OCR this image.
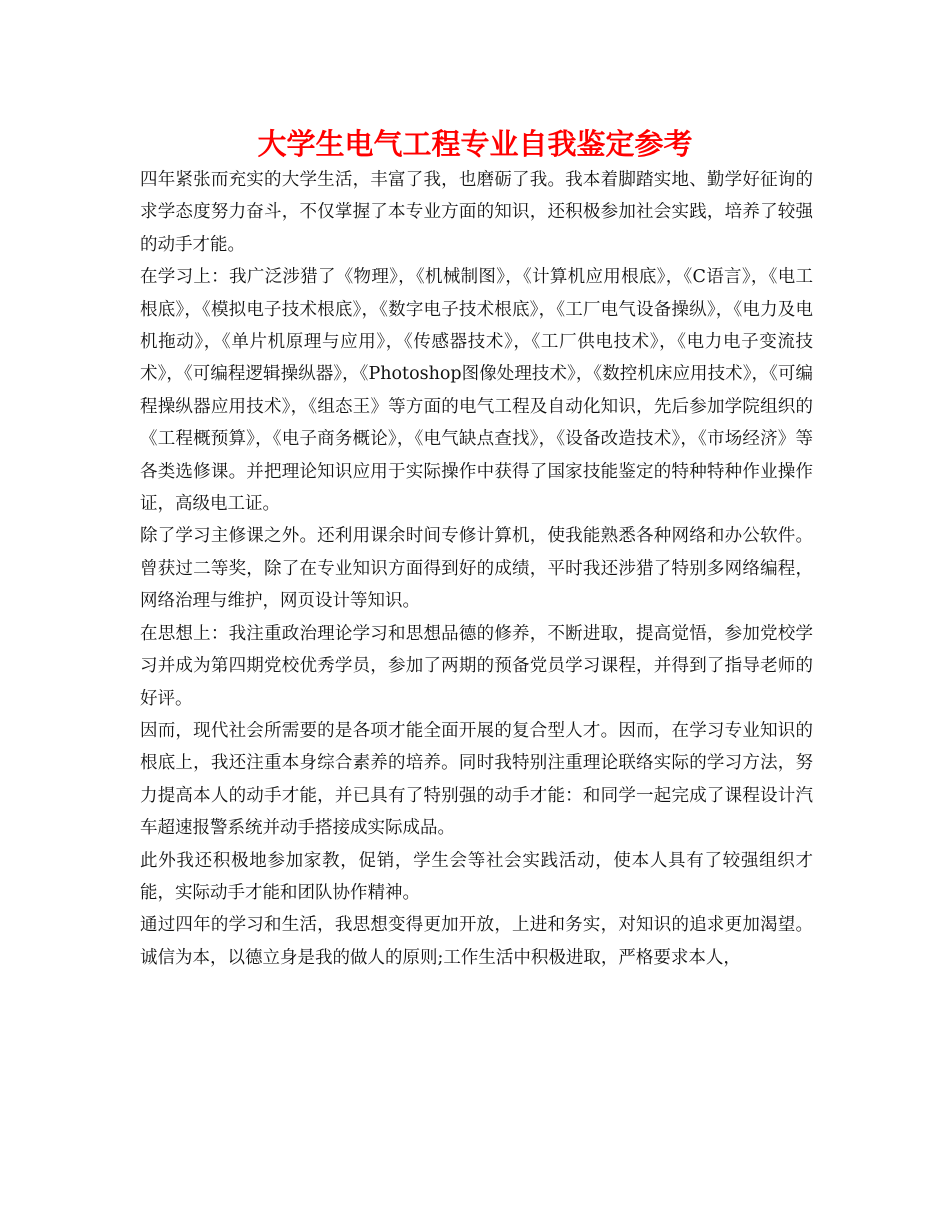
大学生电气工程专业自我鉴定参考

四年紧张而充实的大学生活，丰富了我，也磨砺了我。我本着脚踏实地、勤学好征询的求学态度努力奋斗，不仅掌握了本专业方面的知识，还积极参加社会实践，培养了较强的动手才能。

在学习上：我广泛涉猎了《物理》，《机械制图》，《计算机应用根底》，《C语言》，《电工根底》，《模拟电子技术根底》，《数字电子技术根底》，《工厂电气设备操纵》，《电力及电机拖动》，《单片机原理与应用》，《传感器技术》，《工厂供电技术》，《电力电子变流技术》，《可编程逻辑操纵器》，《Photoshop图像处理技术》，《数控机床应用技术》，《可编程操纵器应用技术》，《组态王》等方面的电气工程及自动化知识，先后参加学院组织的《工程概预算》，《电子商务概论》，《电气缺点查找》，《设备改造技术》，《市场经济》等各类选修课。并把理论知识应用于实际操作中获得了国家技能鉴定的特种特种作业操作证，高级电工证。

除了学习主修课之外。还利用课余时间专修计算机，使我能熟悉各种网络和办公软件。曾获过二等奖，除了在专业知识方面得到好的成绩，平时我还涉猎了特别多网络编程，网络治理与维护，网页设计等知识。

在思想上：我注重政治理论学习和思想品德的修养，不断进取，提高觉悟，参加党校学习并成为第四期党校优秀学员，参加了两期的预备党员学习课程，并得到了指导老师的好评。

因而，现代社会所需要的是各项才能全面开展的复合型人才。因而，在学习专业知识的根底上，我还注重本身综合素养的培养。同时我特别注重理论联络实际的学习方法，努力提高本人的动手才能，并已具有了特别强的动手才能：和同学一起完成了课程设计汽车超速报警系统并动手搭接成实际成品。

此外我还积极地参加家教，促销，学生会等社会实践活动，使本人具有了较强组织才能，实际动手才能和团队协作精神。

通过四年的学习和生活，我思想变得更加开放，上进和务实，对知识的追求更加渴望。诚信为本，以德立身是我的做人的原则;工作生活中积极进取，严格要求本人，
